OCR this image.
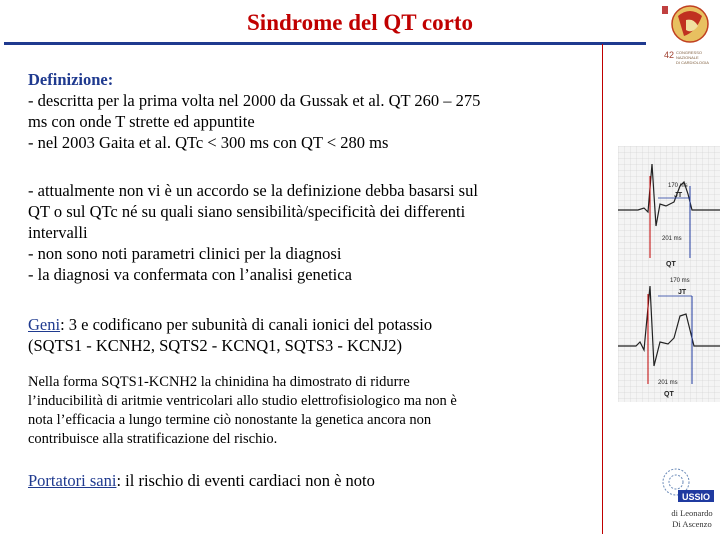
Sindrome del QT corto
42 CONGRESSO
NAZIONALE
DI CARDIOLOGIA
Definizione:
- descritta per la prima volta nel 2000 da Gussak et al. QT 260 – 275
ms con onde T strette ed appuntite
- nel 2003 Gaita et al. QTc < 300 ms con QT < 280 ms
- attualmente non vi è un accordo se la definizione debba basarsi sul
QT o sul QTc né su quali siano sensibilità/specificità dei differenti
intervalli
- non sono noti parametri clinici per la diagnosi
- la diagnosi va confermata con l’analisi genetica
Geni: 3 e codificano per subunità di canali ionici del potassio
(SQTS1 - KCNH2, SQTS2 - KCNQ1, SQTS3 - KCNJ2)
Nella forma SQTS1-KCNH2 la chinidina ha dimostrato di ridurre
l’inducibilità di aritmie ventricolari allo studio elettrofisiologico ma non è
nota l’efficacia a lungo termine ciò nonostante la genetica ancora non
contribuisce alla stratificazione del rischio.
Portatori sani: il rischio di eventi cardiaci non è noto
170 ms
JT
201 ms
QT
170 ms
JT
201 ms
QT
USSIO
di Leonardo
Di Ascenzo
